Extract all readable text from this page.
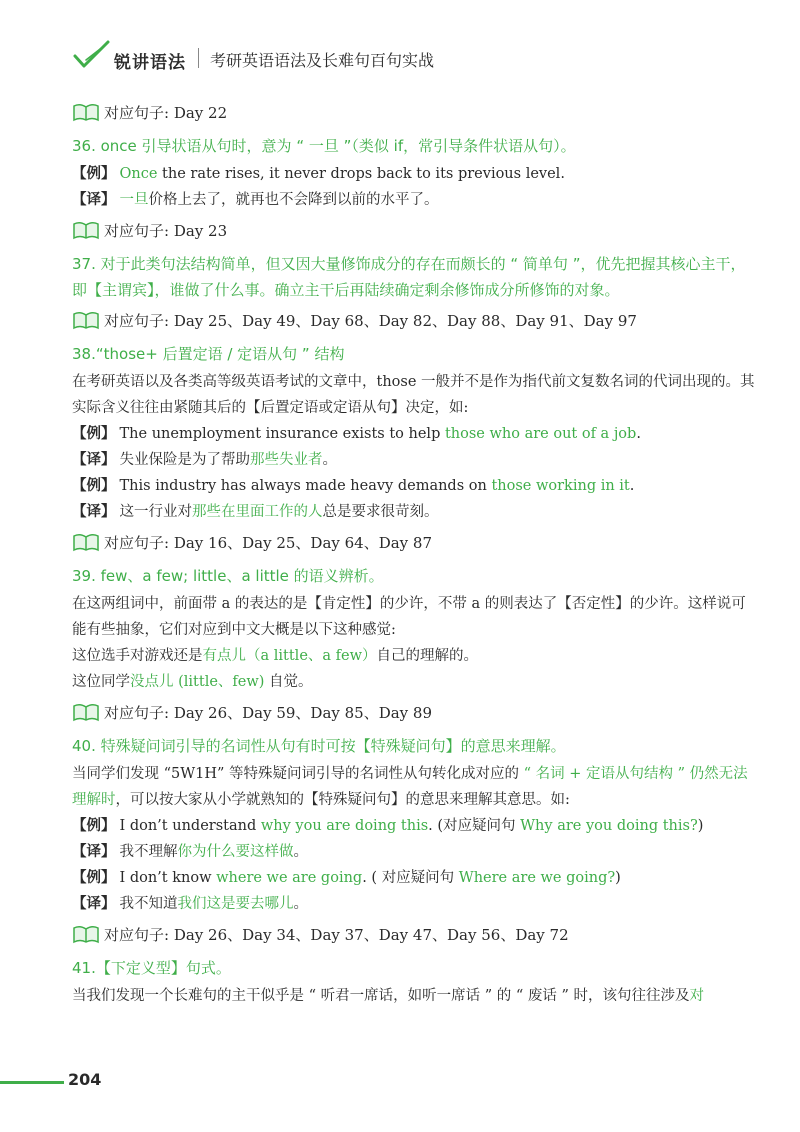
锐讲语法 考研英语语法及长难句百句实战
对应句子: Day 22
36. once 引导状语从句时，意为 “ 一旦 ”（类似 if，常引导条件状语从句）。
【例】 Once the rate rises, it never drops back to its previous level.
【译】 一旦价格上去了，就再也不会降到以前的水平了。
对应句子: Day 23
37. 对于此类句法结构简单，但又因大量修饰成分的存在而颇长的 “ 简单句 ”，优先把握其核心主干，
即【主谓宾】，谁做了什么事。确立主干后再陆续确定剩余修饰成分所修饰的对象。
对应句子: Day 25、Day 49、Day 68、Day 82、Day 88、Day 91、Day 97
38.“those+ 后置定语 / 定语从句 ” 结构

在考研英语以及各类高等级英语考试的文章中，those 一般并不是作为指代前文复数名词的代词出现的。其实际含义往往由紧随其后的【后置定语或定语从句】决定，如:

【例】 The unemployment insurance exists to help those who are out of a job.
【译】 失业保险是为了帮助那些失业者。
【例】 This industry has always made heavy demands on those working in it.
【译】 这一行业对那些在里面工作的人总是要求很苛刻。
对应句子: Day 16、Day 25、Day 64、Day 87
39. few、a few; little、a little 的语义辨析。

在这两组词中，前面带 a 的表达的是【肯定性】的少许，不带 a 的则表达了【否定性】的少许。这样说可能有些抽象，它们对应到中文大概是以下这种感觉:

这位选手对游戏还是有点儿（a little、a few）自己的理解的。
这位同学没点儿 (little、few) 自觉。
对应句子: Day 26、Day 59、Day 85、Day 89
40. 特殊疑问词引导的名词性从句有时可按【特殊疑问句】的意思来理解。

当同学们发现 “5W1H” 等特殊疑问词引导的名词性从句转化成对应的 “ 名词 + 定语从句结构 ” 仍然无法理解时，可以按大家从小学就熟知的【特殊疑问句】的意思来理解其意思。如:

【例】 I don’t understand why you are doing this. (对应疑问句 Why are you doing this?)
【译】 我不理解你为什么要这样做。
【例】 I don’t know where we are going. ( 对应疑问句 Where are we going?)
【译】 我不知道我们这是要去哪儿。
对应句子: Day 26、Day 34、Day 37、Day 47、Day 56、Day 72
41.【下定义型】句式。

当我们发现一个长难句的主干似乎是 “ 听君一席话，如听一席话 ” 的 “ 废话 ” 时，该句往往涉及对

204
